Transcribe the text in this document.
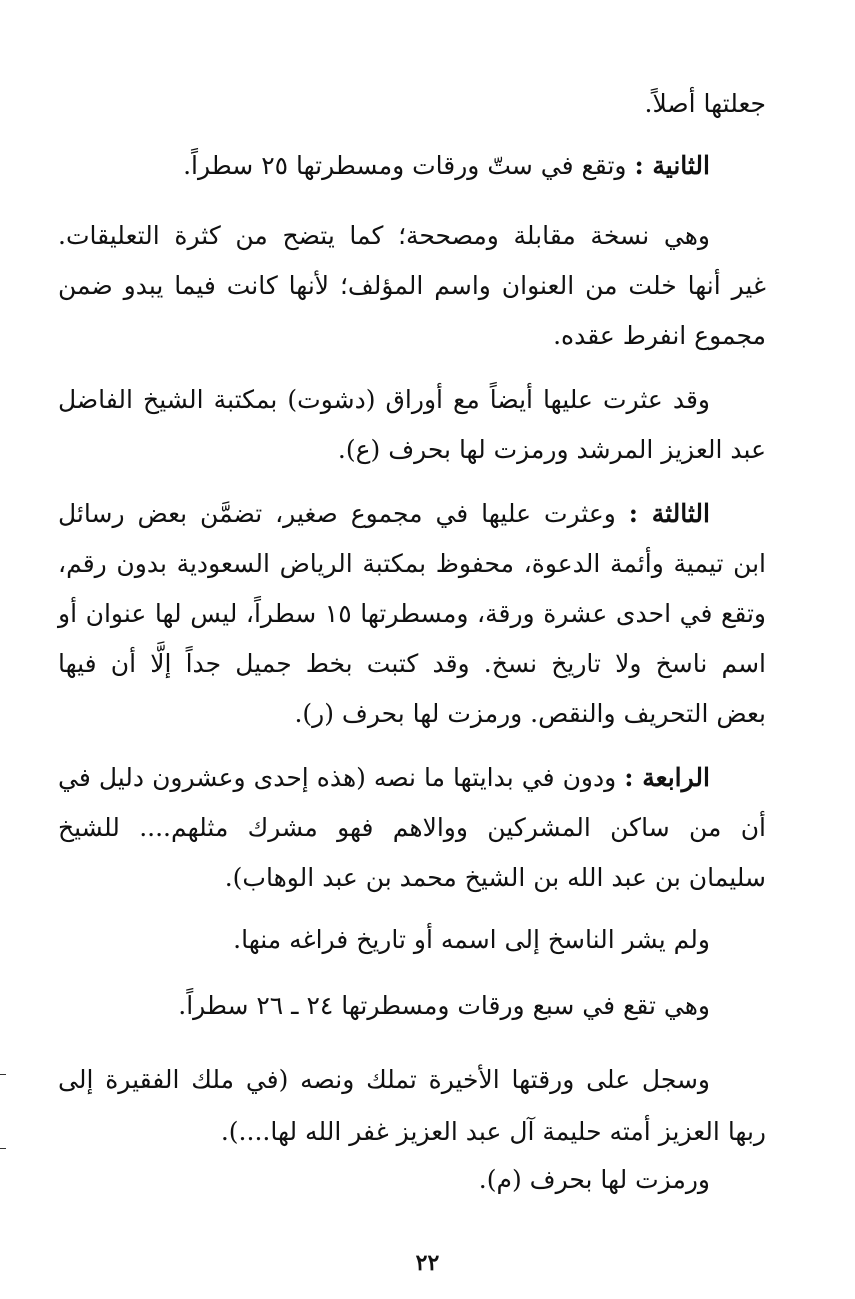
جعلتها أصلاً.
الثانية : وتقع في ستّ ورقات ومسطرتها ٢٥ سطراً.
وهي نسخة مقابلة ومصححة؛ كما يتضح من كثرة التعليقات.
غير أنها خلت من العنوان واسم المؤلف؛ لأنها كانت فيما يبدو ضمن
مجموع انفرط عقده.
وقد عثرت عليها أيضاً مع أوراق (دشوت) بمكتبة الشيخ الفاضل
عبد العزيز المرشد ورمزت لها بحرف (ع).
الثالثة : وعثرت عليها في مجموع صغير، تضمَّن بعض رسائل
ابن تيمية وأئمة الدعوة، محفوظ بمكتبة الرياض السعودية بدون رقم،
وتقع في احدى عشرة ورقة، ومسطرتها ١٥ سطراً، ليس لها عنوان أو
اسم ناسخ ولا تاريخ نسخ. وقد كتبت بخط جميل جداً إلَّا أن فيها
بعض التحريف والنقص. ورمزت لها بحرف (ر).
الرابعة : ودون في بدايتها ما نصه (هذه إحدى وعشرون دليل في
أن من ساكن المشركين ووالاهم فهو مشرك مثلهم.... للشيخ
سليمان بن عبد الله بن الشيخ محمد بن عبد الوهاب).
ولم يشر الناسخ إلى اسمه أو تاريخ فراغه منها.
وهي تقع في سبع ورقات ومسطرتها ٢٤ ـ ٢٦ سطراً.
وسجل على ورقتها الأخيرة تملك ونصه (في ملك الفقيرة إلى
ربها العزيز أمته حليمة آل عبد العزيز غفر الله لها....).
ورمزت لها بحرف (م).
٢٢
